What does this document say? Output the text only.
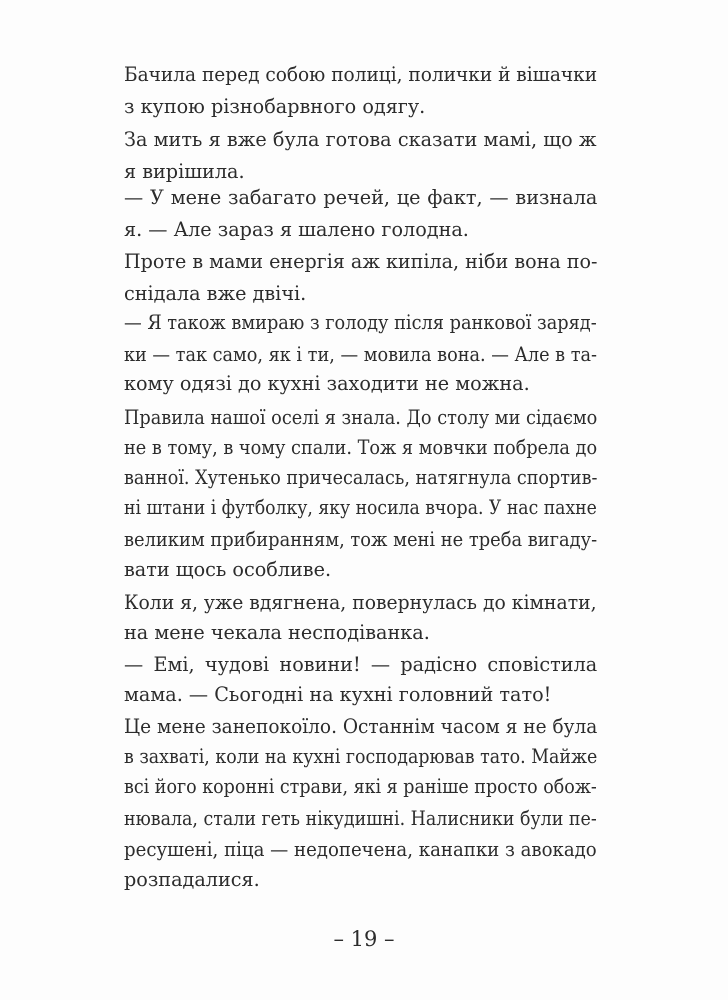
Бачила перед собою полиці, полички й вішачки
з купою різнобарвного одягу.
За мить я вже була готова сказати мамі, що ж
я вирішила.
— У мене забагато речей, це факт, — визнала
я. — Але зараз я шалено голодна.
Проте в мами енергія аж кипіла, ніби вона по-
снідала вже двічі.
— Я також вмираю з голоду після ранкової заряд-
ки — так само, як і ти, — мовила вона. — Але в та-
кому одязі до кухні заходити не можна.
Правила нашої оселі я знала. До столу ми сідаємо
не в тому, в чому спали. Тож я мовчки побрела до
ванної. Хутенько причесалась, натягнула спортив-
ні штани і футболку, яку носила вчора. У нас пахне
великим прибиранням, тож мені не треба вигаду-
вати щось особливе.
Коли я, уже вдягнена, повернулась до кімнати,
на мене чекала несподіванка.
— Емі, чудові новини! — радісно сповістила
мама. — Сьогодні на кухні головний тато!
Це мене занепокоїло. Останнім часом я не була
в захваті, коли на кухні господарював тато. Майже
всі його коронні страви, які я раніше просто обож-
нювала, стали геть нікудишні. Налисники були пе-
ресушені, піца — недопечена, канапки з авокадо
розпадалися.
– 19 –
